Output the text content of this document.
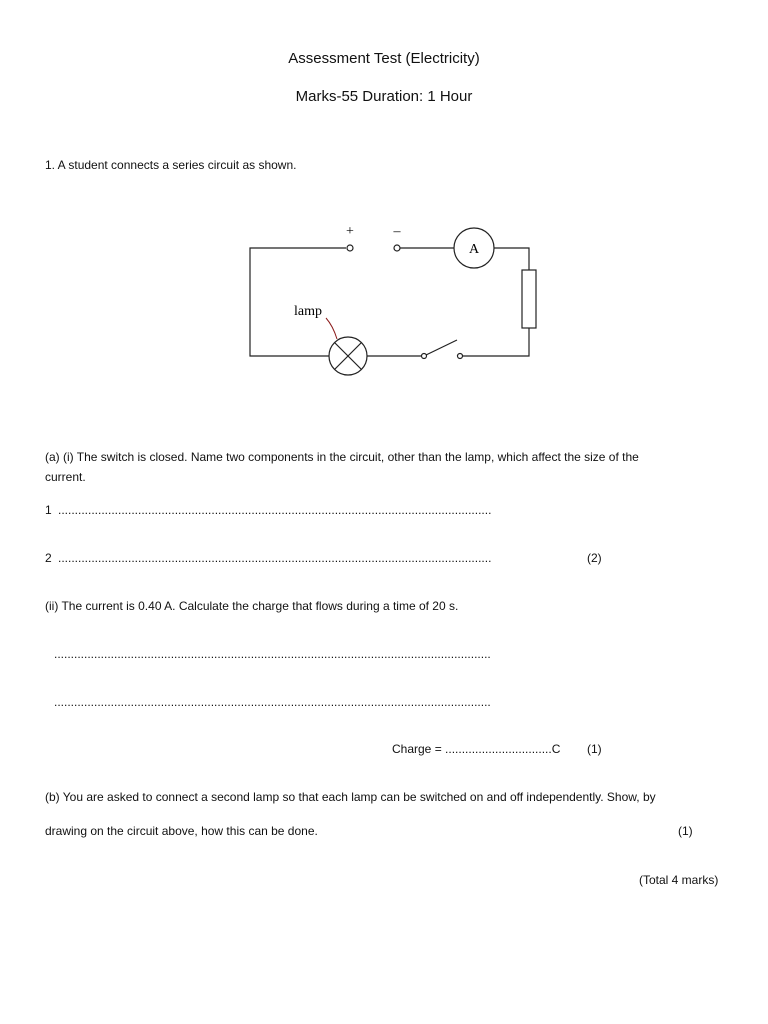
Assessment Test (Electricity)
Marks-55 Duration: 1 Hour
1. A student connects a series circuit as shown.
+	–
A
lamp
(a) (i) The switch is closed. Name two components in the circuit, other than the lamp, which affect the size of the
current.
1 ..................................................................................................................................
2 ..................................................................................................................................	(2)
(ii) The current is 0.40 A. Calculate the charge that flows during a time of 20 s.
...................................................................................................................................
...................................................................................................................................
Charge = ................................C (1)
(b) You are asked to connect a second lamp so that each lamp can be switched on and off independently. Show, by
drawing on the circuit above, how this can be done.	(1)
(Total 4 marks)
